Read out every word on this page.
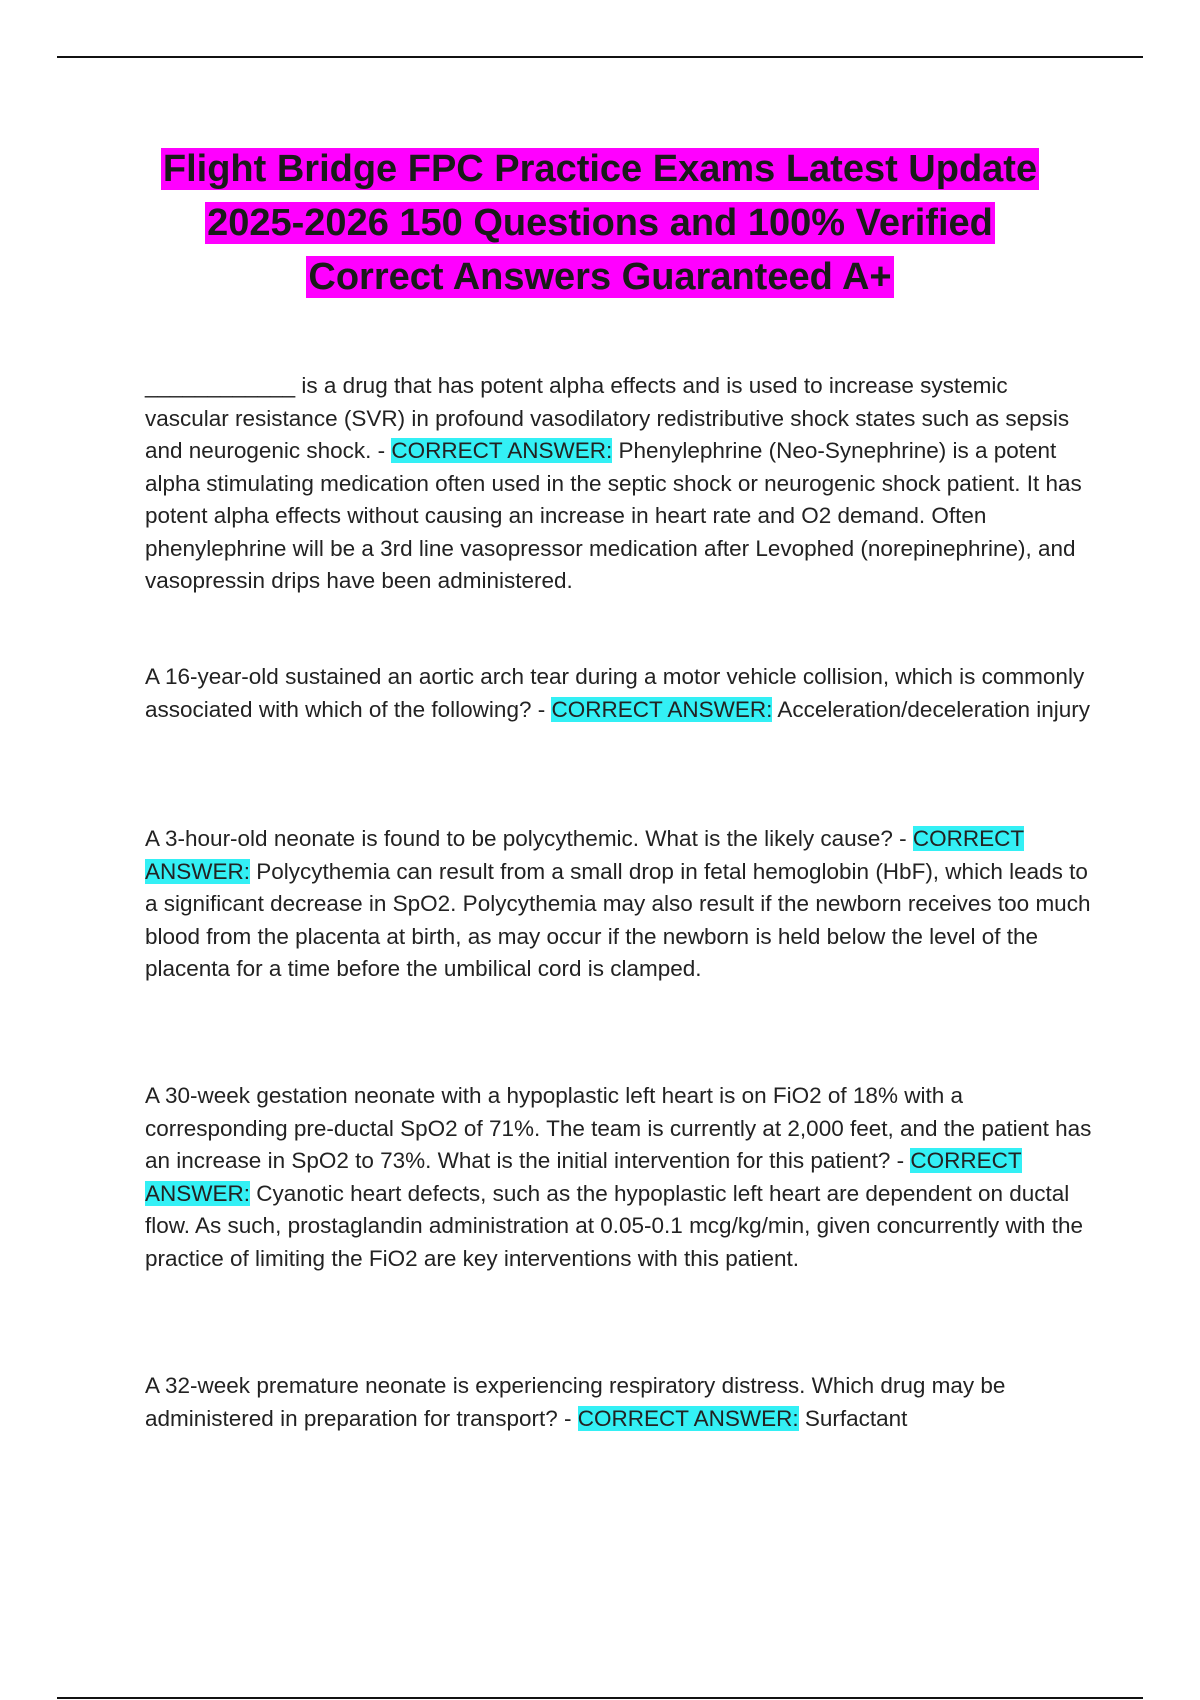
Flight Bridge FPC Practice Exams Latest Update
2025-2026 150 Questions and 100% Verified
Correct Answers Guaranteed A+
____________ is a drug that has potent alpha effects and is used to increase systemic vascular resistance (SVR) in profound vasodilatory redistributive shock states such as sepsis and neurogenic shock. - CORRECT ANSWER: Phenylephrine (Neo-Synephrine) is a potent alpha stimulating medication often used in the septic shock or neurogenic shock patient. It has potent alpha effects without causing an increase in heart rate and O2 demand. Often phenylephrine will be a 3rd line vasopressor medication after Levophed (norepinephrine), and vasopressin drips have been administered.
A 16-year-old sustained an aortic arch tear during a motor vehicle collision, which is commonly associated with which of the following? - CORRECT ANSWER: Acceleration/deceleration injury
A 3-hour-old neonate is found to be polycythemic. What is the likely cause? - CORRECT ANSWER: Polycythemia can result from a small drop in fetal hemoglobin (HbF), which leads to a significant decrease in SpO2. Polycythemia may also result if the newborn receives too much blood from the placenta at birth, as may occur if the newborn is held below the level of the placenta for a time before the umbilical cord is clamped.
A 30-week gestation neonate with a hypoplastic left heart is on FiO2 of 18% with a corresponding pre-ductal SpO2 of 71%. The team is currently at 2,000 feet, and the patient has an increase in SpO2 to 73%. What is the initial intervention for this patient? - CORRECT ANSWER: Cyanotic heart defects, such as the hypoplastic left heart are dependent on ductal flow. As such, prostaglandin administration at 0.05-0.1 mcg/kg/min, given concurrently with the practice of limiting the FiO2 are key interventions with this patient.
A 32-week premature neonate is experiencing respiratory distress. Which drug may be administered in preparation for transport? - CORRECT ANSWER: Surfactant
